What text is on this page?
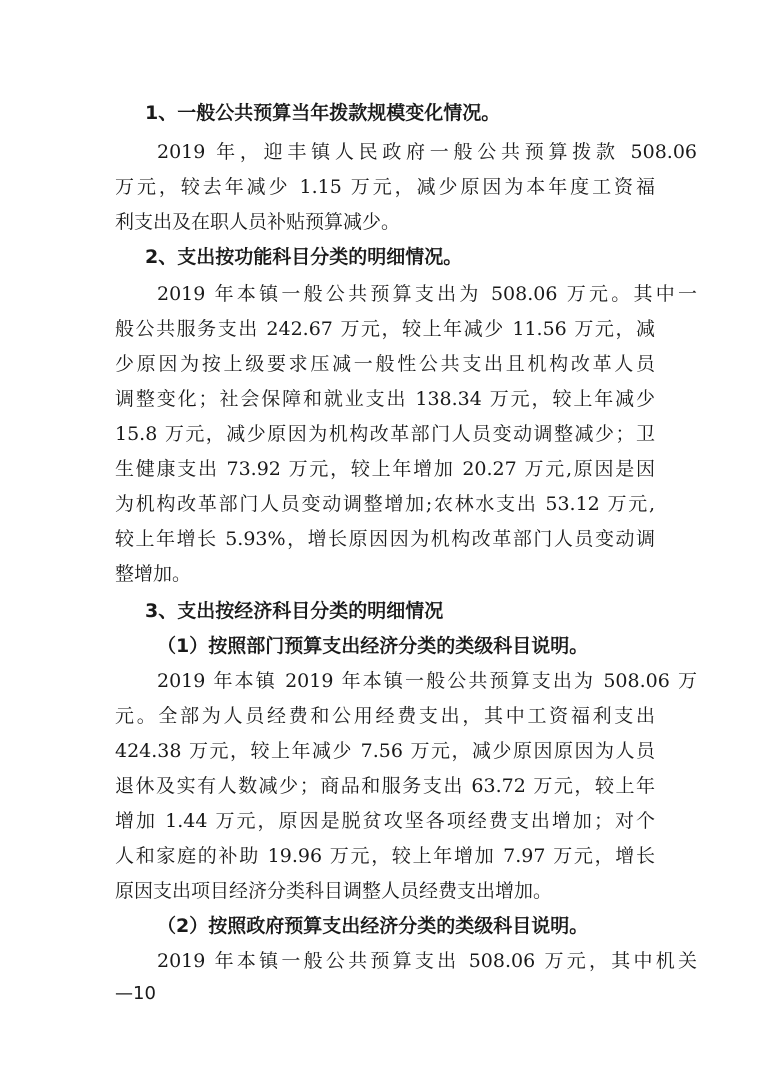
1、一般公共预算当年拨款规模变化情况。
2019 年，迎丰镇人民政府一般公共预算拨款 508.06
万元，较去年减少 1.15 万元，减少原因为本年度工资福
利支出及在职人员补贴预算减少。
2、支出按功能科目分类的明细情况。
2019 年本镇一般公共预算支出为 508.06 万元。其中一
般公共服务支出 242.67 万元，较上年减少 11.56 万元，减
少原因为按上级要求压减一般性公共支出且机构改革人员
调整变化；社会保障和就业支出 138.34 万元，较上年减少
15.8 万元，减少原因为机构改革部门人员变动调整减少；卫
生健康支出 73.92 万元，较上年增加 20.27 万元,原因是因
为机构改革部门人员变动调整增加;农林水支出 53.12 万元,
较上年增长 5.93%，增长原因因为机构改革部门人员变动调
整增加。
3、支出按经济科目分类的明细情况
（1）按照部门预算支出经济分类的类级科目说明。
2019 年本镇 2019 年本镇一般公共预算支出为 508.06 万
元。全部为人员经费和公用经费支出，其中工资福利支出
424.38 万元，较上年减少 7.56 万元，减少原因原因为人员
退休及实有人数减少；商品和服务支出 63.72 万元，较上年
增加 1.44 万元，原因是脱贫攻坚各项经费支出增加；对个
人和家庭的补助 19.96 万元，较上年增加 7.97 万元，增长
原因支出项目经济分类科目调整人员经费支出增加。
（2）按照政府预算支出经济分类的类级科目说明。
2019 年本镇一般公共预算支出 508.06 万元，其中机关
—10
